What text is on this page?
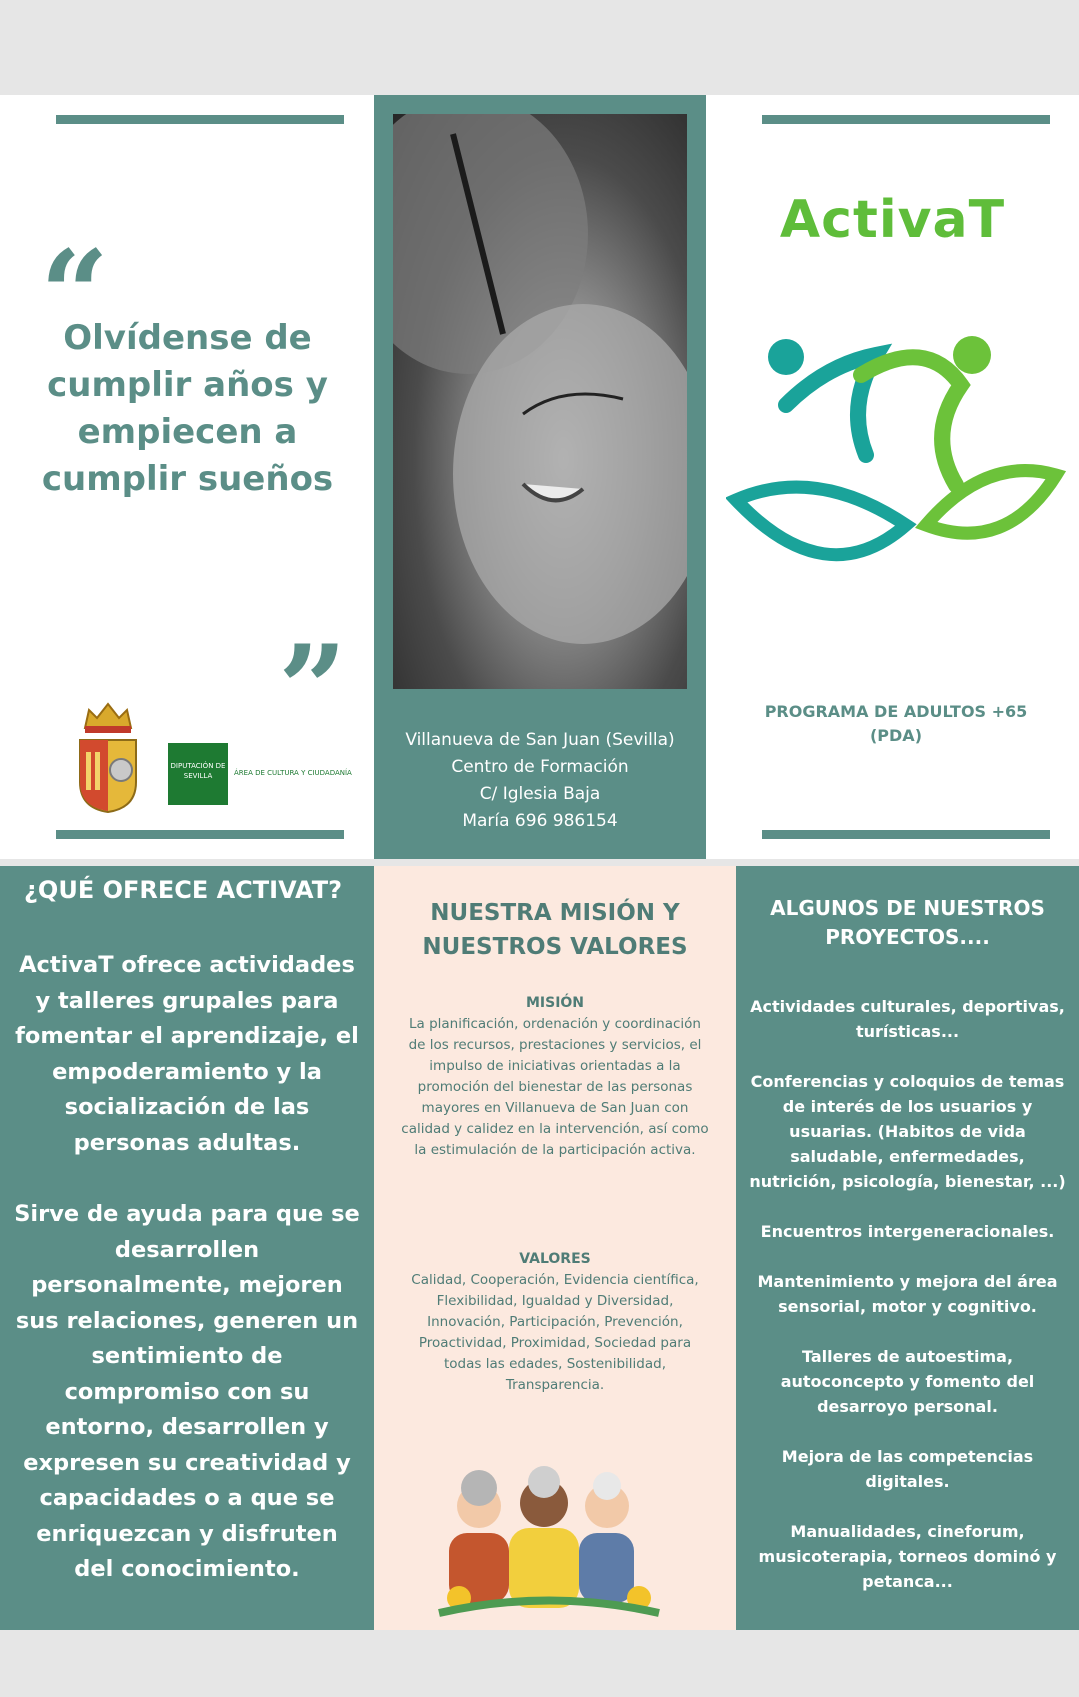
“
Olvídense de cumplir años y empiecen a cumplir sueños
”
DIPUTACIÓN DE SEVILLA	ÁREA DE CULTURA Y CIUDADANÍA
Villanueva de San Juan (Sevilla)
Centro de Formación
C/ Iglesia Baja
María 696 986154
ActivaT
PROGRAMA DE ADULTOS +65
(PDA)
¿QUÉ OFRECE ACTIVAT?

ActivaT ofrece actividades y talleres grupales para fomentar el aprendizaje, el empoderamiento y la socialización de las personas adultas.

Sirve de ayuda para que se desarrollen personalmente, mejoren sus relaciones, generen un sentimiento de compromiso con su entorno, desarrollen y expresen su creatividad y capacidades o a que se enriquezcan y disfruten del conocimiento.

NUESTRA MISIÓN Y NUESTROS VALORES
MISIÓN
La planificación, ordenación y coordinación de los recursos, prestaciones y servicios, el impulso de iniciativas orientadas a la promoción del bienestar de las personas mayores en Villanueva de San Juan con calidad y calidez en la intervención, así como la estimulación de la participación activa.
VALORES
Calidad, Cooperación, Evidencia científica, Flexibilidad, Igualdad y Diversidad, Innovación, Participación, Prevención, Proactividad, Proximidad, Sociedad para todas las edades, Sostenibilidad, Transparencia.
ALGUNOS DE NUESTROS PROYECTOS....

Actividades culturales, deportivas, turísticas...

Conferencias y coloquios de temas de interés de los usuarios y usuarias. (Habitos de vida saludable, enfermedades, nutrición, psicología, bienestar, ...)

Encuentros intergeneracionales.

Mantenimiento y mejora del área sensorial, motor y cognitivo.

Talleres de autoestima, autoconcepto y fomento del desarroyo personal.

Mejora de las competencias digitales.

Manualidades, cineforum, musicoterapia, torneos dominó y petanca...
